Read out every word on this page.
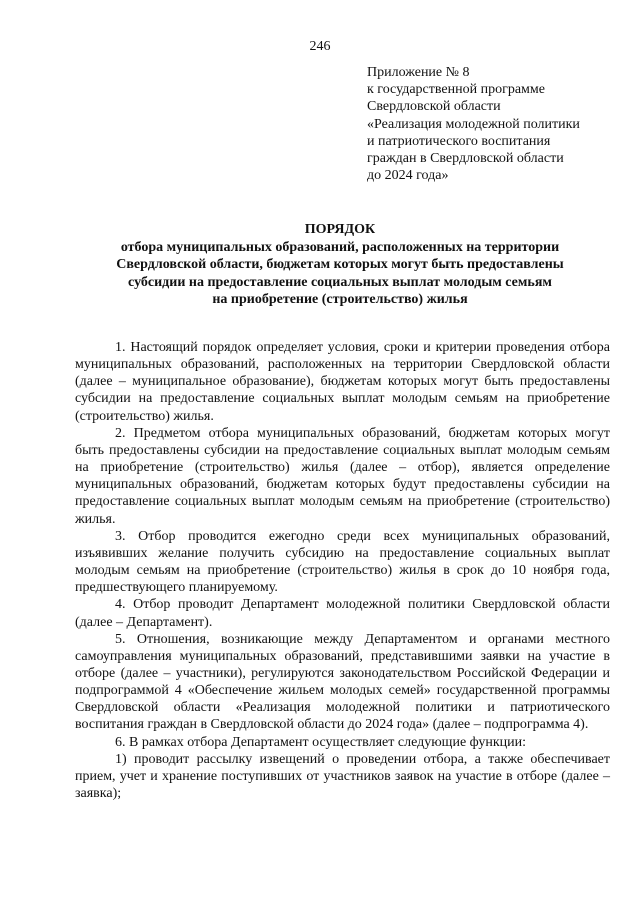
246
Приложение № 8
к государственной программе
Свердловской области
«Реализация молодежной политики
и патриотического воспитания
граждан в Свердловской области
до 2024 года»
ПОРЯДОК
отбора муниципальных образований, расположенных на территории
Свердловской области, бюджетам которых могут быть предоставлены
субсидии на предоставление социальных выплат молодым семьям
на приобретение (строительство) жилья

1. Настоящий порядок определяет условия, сроки и критерии проведения отбора муниципальных образований, расположенных на территории Свердловской области (далее – муниципальное образование), бюджетам которых могут быть предоставлены субсидии на предоставление социальных выплат молодым семьям на приобретение (строительство) жилья.

2. Предметом отбора муниципальных образований, бюджетам которых могут быть предоставлены субсидии на предоставление социальных выплат молодым семьям на приобретение (строительство) жилья (далее – отбор), является определение муниципальных образований, бюджетам которых будут предоставлены субсидии на предоставление социальных выплат молодым семьям на приобретение (строительство) жилья.

3. Отбор проводится ежегодно среди всех муниципальных образований, изъявивших желание получить субсидию на предоставление социальных выплат молодым семьям на приобретение (строительство) жилья в срок до 10 ноября года, предшествующего планируемому.

4. Отбор проводит Департамент молодежной политики Свердловской области (далее – Департамент).

5. Отношения, возникающие между Департаментом и органами местного самоуправления муниципальных образований, представившими заявки на участие в отборе (далее – участники), регулируются законодательством Российской Федерации и подпрограммой 4 «Обеспечение жильем молодых семей» государственной программы Свердловской области «Реализация молодежной политики и патриотического воспитания граждан в Свердловской области до 2024 года» (далее – подпрограмма 4).

6. В рамках отбора Департамент осуществляет следующие функции:

1) проводит рассылку извещений о проведении отбора, а также обеспечивает прием, учет и хранение поступивших от участников заявок на участие в отборе (далее – заявка);
